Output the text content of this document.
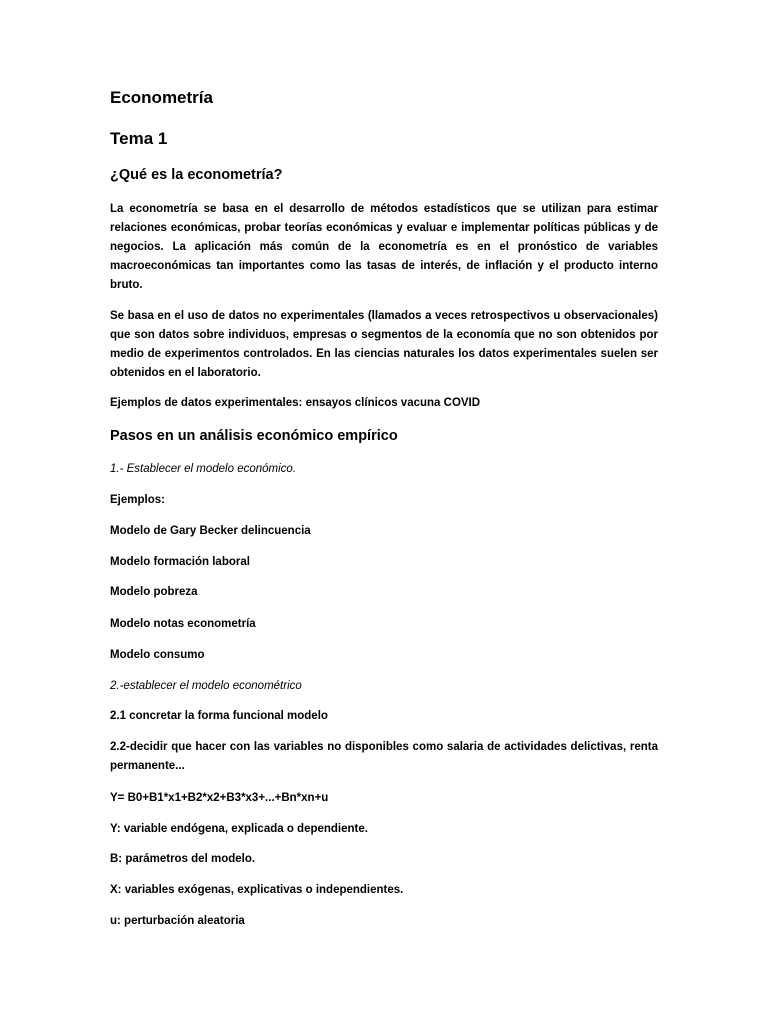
Econometría
Tema 1
¿Qué es la econometría?
La econometría se basa en el desarrollo de métodos estadísticos que se utilizan para estimar relaciones económicas, probar teorías económicas y evaluar e implementar políticas públicas y de negocios. La aplicación más común de la econometría es en el pronóstico de variables macroeconómicas tan importantes como las tasas de interés, de inflación y el producto interno bruto.
Se basa en el uso de datos no experimentales (llamados a veces retrospectivos u observacionales) que son datos sobre individuos, empresas o segmentos de la economía que no son obtenidos por medio de experimentos controlados. En las ciencias naturales los datos experimentales suelen ser obtenidos en el laboratorio.
Ejemplos de datos experimentales: ensayos clínicos vacuna COVID
Pasos en un análisis económico empírico
1.- Establecer el modelo económico.
Ejemplos:
Modelo de Gary Becker delincuencia
Modelo formación laboral
Modelo pobreza
Modelo notas econometría
Modelo consumo
2.-establecer el modelo econométrico
2.1 concretar la forma funcional modelo
2.2-decidir que hacer con las variables no disponibles como salaria de actividades delictivas, renta permanente...
Y= B0+B1*x1+B2*x2+B3*x3+...+Bn*xn+u
Y: variable endógena, explicada o dependiente.
B: parámetros del modelo.
X: variables exógenas, explicativas o independientes.
u: perturbación aleatoria
